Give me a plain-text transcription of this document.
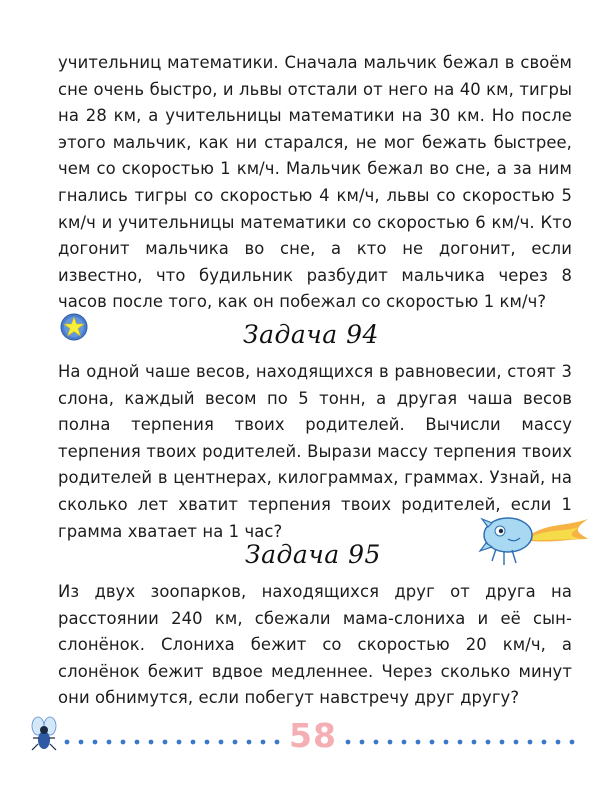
учительниц математики. Сначала мальчик бежал в своём сне очень быстро, и львы отстали от него на 40 км, тигры на 28 км, а учительницы математики на 30 км. Но после этого мальчик, как ни старался, не мог бежать быстрее, чем со скоростью 1 км/ч. Мальчик бежал во сне, а за ним гнались тигры со скоростью 4 км/ч, львы со скоростью 5 км/ч и учительницы математики со скоростью 6 км/ч. Кто догонит мальчика во сне, а кто не догонит, если известно, что будильник разбудит мальчика через 8 часов после того, как он побежал со скоростью 1 км/ч?

Задача 94

На одной чаше весов, находящихся в равновесии, стоят 3 слона, каждый весом по 5 тонн, а другая чаша весов полна терпения твоих родителей. Вычисли массу терпения твоих родителей. Вырази массу терпения твоих родителей в центнерах, килограммах, граммах. Узнай, на сколько лет хватит терпения твоих родителей, если 1 грамма хватает на 1 час?

Задача 95

Из двух зоопарков, находящихся друг от друга на расстоянии 240 км, сбежали мама-слониха и её сын-слонёнок. Слониха бежит со скоростью 20 км/ч, а слонёнок бежит вдвое медленнее. Через сколько минут они обнимутся, если побегут навстречу друг другу?

58
